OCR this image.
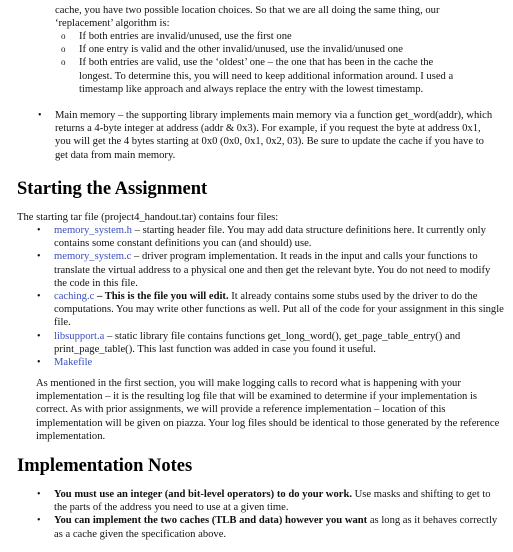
cache, you have two possible location choices. So that we are all doing the same thing, our

‘replacement’ algorithm is:

o If both entries are invalid/unused, use the first one
o If one entry is valid and the other invalid/unused, use the invalid/unused one
o If both entries are valid, use the ‘oldest’ one – the one that has been in the cache the longest. To determine this, you will need to keep additional information around. I used a timestamp like approach and always replace the entry with the lowest timestamp.
• Main memory – the supporting library implements main memory via a function get_word(addr), which returns a 4-byte integer at address (addr & 0x3). For example, if you request the byte at address 0x1, you will get the 4 bytes starting at 0x0 (0x0, 0x1, 0x2, 03). Be sure to update the cache if you have to get data from main memory.
Starting the Assignment

The starting tar file (project4_handout.tar) contains four files:

• memory_system.h – starting header file. You may add data structure definitions here. It currently only contains some constant definitions you can (and should) use.
• memory_system.c – driver program implementation. It reads in the input and calls your functions to translate the virtual address to a physical one and then get the relevant byte. You do not need to modify the code in this file.
• caching.c – This is the file you will edit. It already contains some stubs used by the driver to do the computations. You may write other functions as well. Put all of the code for your assignment in this single file.
• libsupport.a – static library file contains functions get_long_word(), get_page_table_entry() and print_page_table(). This last function was added in case you found it useful.
• Makefile

As mentioned in the first section, you will make logging calls to record what is happening with your implementation – it is the resulting log file that will be examined to determine if your implementation is correct. As with prior assignments, we will provide a reference implementation – location of this implementation will be given on piazza. Your log files should be identical to those generated by the reference implementation.

Implementation Notes
• You must use an integer (and bit-level operators) to do your work. Use masks and shifting to get to the parts of the address you need to use at a given time.
• You can implement the two caches (TLB and data) however you want as long as it behaves correctly as a cache given the specification above.
